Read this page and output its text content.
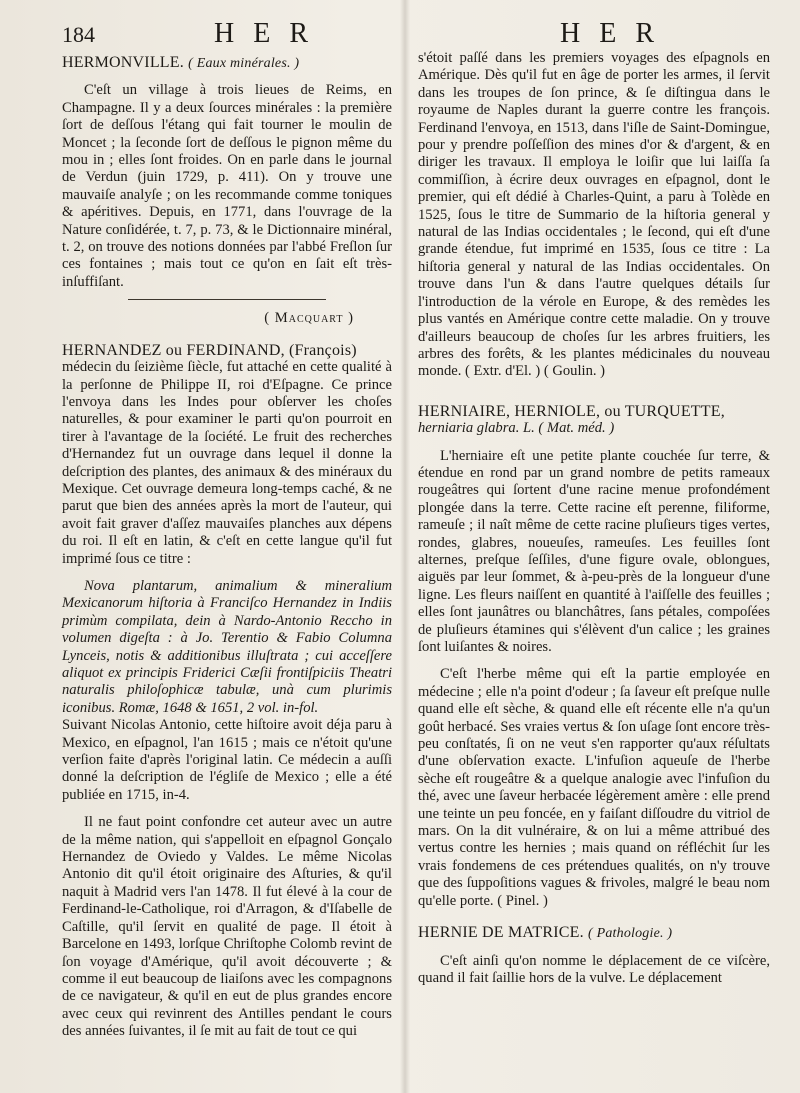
184	H E R	H E R

HERMONVILLE. ( Eaux minérales. )

C'eſt un village à trois lieues de Reims, en Champagne. Il y a deux ſources minérales : la première ſort de deſſous l'étang qui fait tourner le moulin de Moncet ; la ſeconde ſort de deſſous le pignon même du mou in ; elles ſont froides. On en parle dans le journal de Verdun (juin 1729, p. 411). On y trouve une mauvaiſe analyſe ; on les recommande comme toniques & apéritives. Depuis, en 1771, dans l'ouvrage de la Nature conſidérée, t. 7, p. 73, & le Dictionnaire minéral, t. 2, on trouve des notions données par l'abbé Freſlon ſur ces fontaines ; mais tout ce qu'on en ſait eſt très-inſuffiſant.

( Macquart )

HERNANDEZ ou FERDINAND, (François)

médecin du ſeizième ſiècle, fut attaché en cette qualité à la perſonne de Philippe II, roi d'Eſpagne. Ce prince l'envoya dans les Indes pour obſerver les choſes naturelles, & pour examiner le parti qu'on pourroit en tirer à l'avantage de la ſociété. Le fruit des recherches d'Hernandez fut un ouvrage dans lequel il donne la deſcription des plantes, des animaux & des minéraux du Mexique. Cet ouvrage demeura long-temps caché, & ne parut que bien des années après la mort de l'auteur, qui avoit fait graver d'aſſez mauvaiſes planches aux dépens du roi. Il eſt en latin, & c'eſt en cette langue qu'il fut imprimé ſous ce titre :

Nova plantarum, animalium & mineralium Mexicanorum hiſtoria à Franciſco Hernandez in Indiis primùm compilata, dein à Nardo-Antonio Reccho in volumen digeſta : à Jo. Terentio & Fabio Columna Lynceis, notis & additionibus illuſtrata ; cui acceſſere aliquot ex principis Friderici Cæſii frontiſpiciis Theatri naturalis philoſophicæ tabulæ, unà cum plurimis iconibus. Romæ, 1648 & 1651, 2 vol. in-fol.

Suivant Nicolas Antonio, cette hiſtoire avoit déja paru à Mexico, en eſpagnol, l'an 1615 ; mais ce n'étoit qu'une verſion faite d'après l'original latin. Ce médecin a auſſi donné la deſcription de l'égliſe de Mexico ; elle a été publiée en 1715, in-4.

Il ne faut point confondre cet auteur avec un autre de la même nation, qui s'appelloit en eſpagnol Gonçalo Hernandez de Oviedo y Valdes. Le même Nicolas Antonio dit qu'il étoit originaire des Aſturies, & qu'il naquit à Madrid vers l'an 1478. Il fut élevé à la cour de Ferdinand-le-Catholique, roi d'Arragon, & d'Iſabelle de Caſtille, qu'il ſervit en qualité de page. Il étoit à Barcelone en 1493, lorſque Chriſtophe Colomb revint de ſon voyage d'Amérique, qu'il avoit découverte ; & comme il eut beaucoup de liaiſons avec les compagnons de ce navigateur, & qu'il en eut de plus grandes encore avec ceux qui revinrent des Antilles pendant le cours des années ſuivantes, il ſe mit au fait de tout ce qui

s'étoit paſſé dans les premiers voyages des eſpagnols en Amérique. Dès qu'il fut en âge de porter les armes, il ſervit dans les troupes de ſon prince, & ſe diſtingua dans le royaume de Naples durant la guerre contre les françois. Ferdinand l'envoya, en 1513, dans l'iſle de Saint-Domingue, pour y prendre poſſeſſion des mines d'or & d'argent, & en diriger les travaux. Il employa le loiſir que lui laiſſa ſa commiſſion, à écrire deux ouvrages en eſpagnol, dont le premier, qui eſt dédié à Charles-Quint, a paru à Tolède en 1525, ſous le titre de Summario de la hiſtoria general y natural de las Indias occidentales ; le ſecond, qui eſt d'une grande étendue, fut imprimé en 1535, ſous ce titre : La hiſtoria general y natural de las Indias occidentales. On trouve dans l'un & dans l'autre quelques détails ſur l'introduction de la vérole en Europe, & des remèdes les plus vantés en Amérique contre cette maladie. On y trouve d'ailleurs beaucoup de choſes ſur les arbres fruitiers, les arbres des forêts, & les plantes médicinales du nouveau monde. ( Extr. d'El. ) ( Goulin. )

HERNIAIRE, HERNIOLE, ou TURQUETTE,

herniaria glabra. L. ( Mat. méd. )

L'herniaire eſt une petite plante couchée ſur terre, & étendue en rond par un grand nombre de petits rameaux rougeâtres qui ſortent d'une racine menue profondément plongée dans la terre. Cette racine eſt perenne, filiforme, rameuſe ; il naît même de cette racine pluſieurs tiges vertes, rondes, glabres, noueuſes, rameuſes. Les feuilles ſont alternes, preſque ſeſſiles, d'une figure ovale, oblongues, aiguës par leur ſommet, & à-peu-près de la longueur d'une ligne. Les fleurs naiſſent en quantité à l'aiſſelle des feuilles ; elles ſont jaunâtres ou blanchâtres, ſans pétales, compoſées de pluſieurs étamines qui s'élèvent d'un calice ; les graines ſont luiſantes & noires.

C'eſt l'herbe même qui eſt la partie employée en médecine ; elle n'a point d'odeur ; ſa ſaveur eſt preſque nulle quand elle eſt sèche, & quand elle eſt récente elle n'a qu'un goût herbacé. Ses vraies vertus & ſon uſage ſont encore très-peu conſtatés, ſi on ne veut s'en rapporter qu'aux réſultats d'une obſervation exacte. L'infuſion aqueuſe de l'herbe sèche eſt rougeâtre & a quelque analogie avec l'infuſion du thé, avec une ſaveur herbacée légèrement amère : elle prend une teinte un peu foncée, en y faiſant diſſoudre du vitriol de mars. On la dit vulnéraire, & on lui a même attribué des vertus contre les hernies ; mais quand on réfléchit ſur les vrais fondemens de ces prétendues qualités, on n'y trouve que des ſuppoſitions vagues & frivoles, malgré le beau nom qu'elle porte. ( Pinel. )

HERNIE DE MATRICE. ( Pathologie. )

C'eſt ainſi qu'on nomme le déplacement de ce viſcère, quand il fait ſaillie hors de la vulve. Le déplacement
